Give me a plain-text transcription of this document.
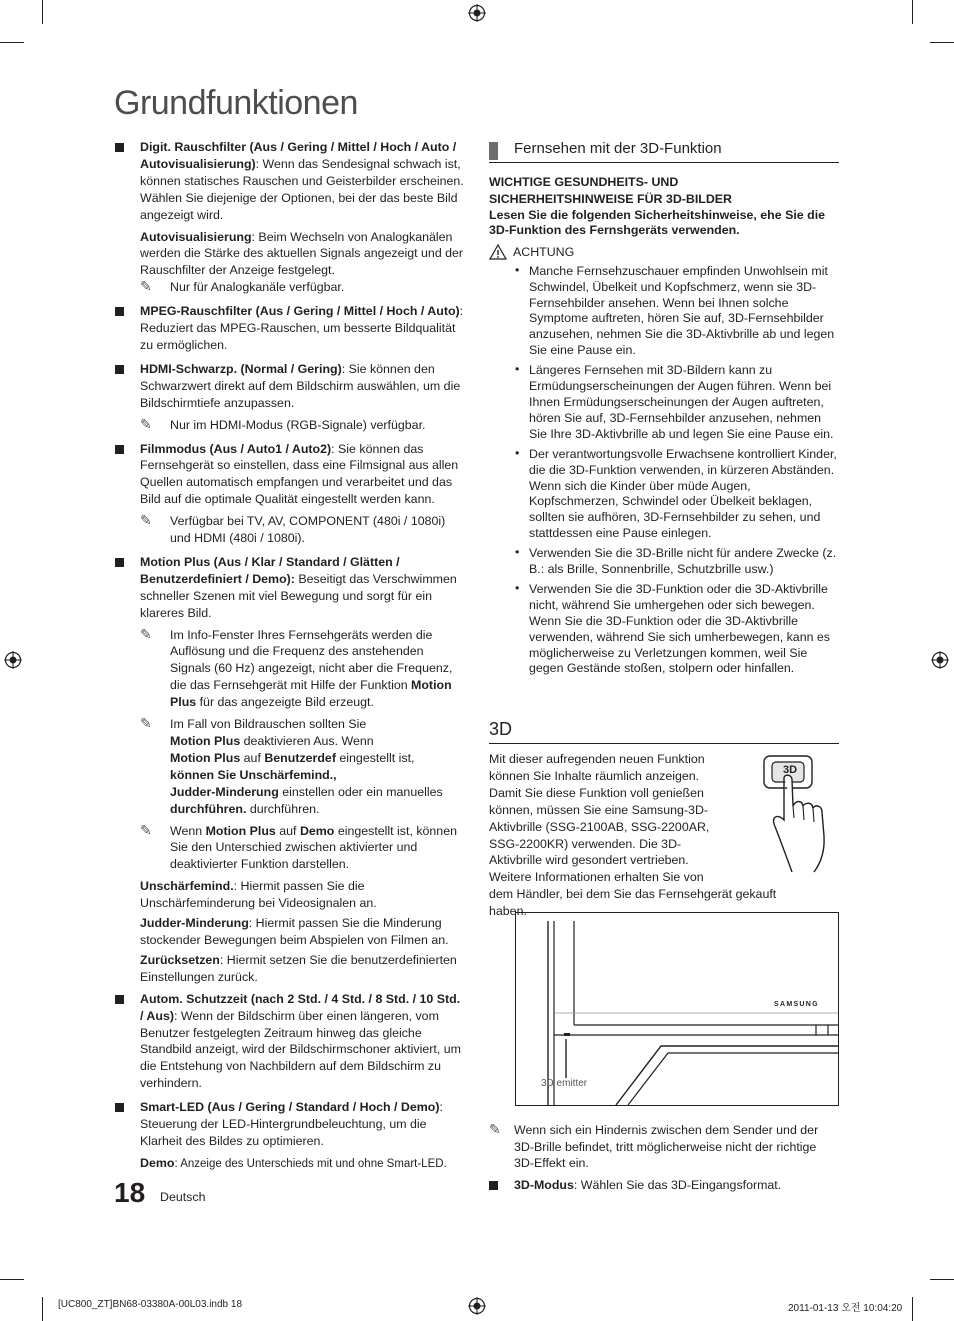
Grundfunktionen
Digit. Rauschfilter (Aus / Gering / Mittel / Hoch / Auto / Autovisualisierung): Wenn das Sendesignal schwach ist, können statisches Rauschen und Geisterbilder erscheinen. Wählen Sie diejenige der Optionen, bei der das beste Bild angezeigt wird.

Autovisualisierung: Beim Wechseln von Analogkanälen werden die Stärke des aktuellen Signals angezeigt und der Rauschfilter der Anzeige festgelegt.

✎ Nur für Analogkanäle verfügbar.
MPEG-Rauschfilter (Aus / Gering / Mittel / Hoch / Auto): Reduziert das MPEG-Rauschen, um besserte Bildqualität zu ermöglichen.
HDMI-Schwarzp. (Normal / Gering): Sie können den Schwarzwert direkt auf dem Bildschirm auswählen, um die Bildschirmtiefe anzupassen.
✎ Nur im HDMI-Modus (RGB-Signale) verfügbar.
Filmmodus (Aus / Auto1 / Auto2): Sie können das Fernsehgerät so einstellen, dass eine Filmsignal aus allen Quellen automatisch empfangen und verarbeitet und das Bild auf die optimale Qualität eingestellt werden kann.
✎ Verfügbar bei TV, AV, COMPONENT (480i / 1080i) und HDMI (480i / 1080i).
Motion Plus (Aus / Klar / Standard / Glätten / Benutzerdefiniert / Demo): Beseitigt das Verschwimmen schneller Szenen mit viel Bewegung und sorgt für ein klareres Bild.
✎ Im Info-Fenster Ihres Fernsehgeräts werden die Auflösung und die Frequenz des anstehenden Signals (60 Hz) angezeigt, nicht aber die Frequenz, die das Fernsehgerät mit Hilfe der Funktion Motion Plus für das angezeigte Bild erzeugt.
✎ Im Fall von Bildrauschen sollten Sie
Motion Plus deaktivieren Aus. Wenn
Motion Plus auf Benutzerdef eingestellt ist,
können Sie Unschärfemind.,
Judder-Minderung einstellen oder ein manuelles
durchführen. durchführen.
✎ Wenn Motion Plus auf Demo eingestellt ist, können Sie den Unterschied zwischen aktivierter und deaktivierter Funktion darstellen.

Unschärfemind.: Hiermit passen Sie die Unschärfeminderung bei Videosignalen an.

Judder-Minderung: Hiermit passen Sie die Minderung stockender Bewegungen beim Abspielen von Filmen an.

Zurücksetzen: Hiermit setzen Sie die benutzerdefinierten Einstellungen zurück.

Autom. Schutzzeit (nach 2 Std. / 4 Std. / 8 Std. / 10 Std. / Aus): Wenn der Bildschirm über einen längeren, vom Benutzer festgelegten Zeitraum hinweg das gleiche Standbild anzeigt, wird der Bildschirmschoner aktiviert, um die Entstehung von Nachbildern auf dem Bildschirm zu verhindern.
Smart-LED (Aus / Gering / Standard / Hoch / Demo): Steuerung der LED-Hintergrundbeleuchtung, um die Klarheit des Bildes zu optimieren.

Demo: Anzeige des Unterschieds mit und ohne Smart-LED.

Fernsehen mit der 3D-Funktion

WICHTIGE GESUNDHEITS- UND SICHERHEITSHINWEISE FÜR 3D-BILDER

Lesen Sie die folgenden Sicherheitshinweise, ehe Sie die 3D-Funktion des Fernshgeräts verwenden.

ACHTUNG
• Manche Fernsehzuschauer empfinden Unwohlsein mit Schwindel, Übelkeit und Kopfschmerz, wenn sie 3D-Fernsehbilder ansehen. Wenn bei Ihnen solche Symptome auftreten, hören Sie auf, 3D-Fernsehbilder anzusehen, nehmen Sie die 3D-Aktivbrille ab und legen Sie eine Pause ein.
• Längeres Fernsehen mit 3D-Bildern kann zu Ermüdungserscheinungen der Augen führen. Wenn bei Ihnen Ermüdungserscheinungen der Augen auftreten, hören Sie auf, 3D-Fernsehbilder anzusehen, nehmen Sie Ihre 3D-Aktivbrille ab und legen Sie eine Pause ein.
• Der verantwortungsvolle Erwachsene kontrolliert Kinder, die die 3D-Funktion verwenden, in kürzeren Abständen. Wenn sich die Kinder über müde Augen, Kopfschmerzen, Schwindel oder Übelkeit beklagen, sollten sie aufhören, 3D-Fernsehbilder zu sehen, und stattdessen eine Pause einlegen.
• Verwenden Sie die 3D-Brille nicht für andere Zwecke (z. B.: als Brille, Sonnenbrille, Schutzbrille usw.)
• Verwenden Sie die 3D-Funktion oder die 3D-Aktivbrille nicht, während Sie umhergehen oder sich bewegen. Wenn Sie die 3D-Funktion oder die 3D-Aktivbrille verwenden, während Sie sich umherbewegen, kann es möglicherweise zu Verletzungen kommen, weil Sie gegen Geständе stoßen, stolpern oder hinfallen.
3D
Mit dieser aufregenden neuen Funktion können Sie Inhalte räumlich anzeigen. Damit Sie diese Funktion voll genießen können, müssen Sie eine Samsung-3D-Aktivbrille (SSG-2100AB, SSG-2200AR, SSG-2200KR) verwenden. Die 3D-Aktivbrille wird gesondert vertrieben. Weitere Informationen erhalten Sie von dem Händler, bei dem Sie das Fernsehgerät gekauft haben.
3D
SAMSUNG
3D emitter
✎ Wenn sich ein Hindernis zwischen dem Sender und der 3D-Brille befindet, tritt möglicherweise nicht der richtige 3D-Effekt ein.
3D-Modus: Wählen Sie das 3D-Eingangsformat.
18 Deutsch
[UC800_ZT]BN68-03380A-00L03.indb 18	2011-01-13 오전 10:04:20
